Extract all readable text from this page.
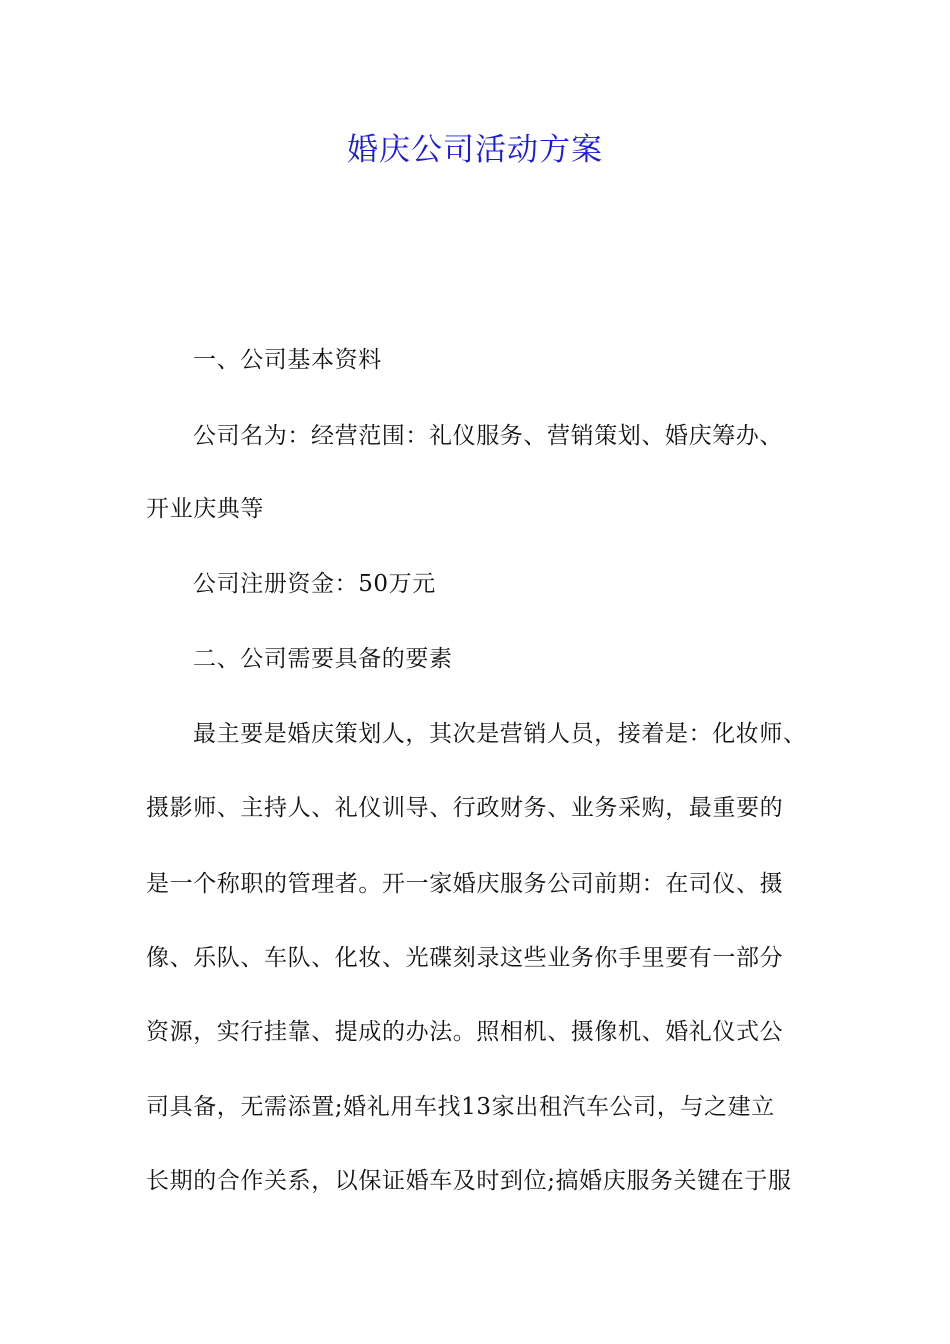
婚庆公司活动方案

一、公司基本资料

公司名为：经营范围：礼仪服务、营销策划、婚庆筹办、

开业庆典等

公司注册资金：50万元

二、公司需要具备的要素

最主要是婚庆策划人，其次是营销人员，接着是：化妆师、

摄影师、主持人、礼仪训导、行政财务、业务采购，最重要的

是一个称职的管理者。开一家婚庆服务公司前期：在司仪、摄

像、乐队、车队、化妆、光碟刻录这些业务你手里要有一部分

资源，实行挂靠、提成的办法。照相机、摄像机、婚礼仪式公

司具备，无需添置;婚礼用车找13家出租汽车公司，与之建立

长期的合作关系，以保证婚车及时到位;搞婚庆服务关键在于服
